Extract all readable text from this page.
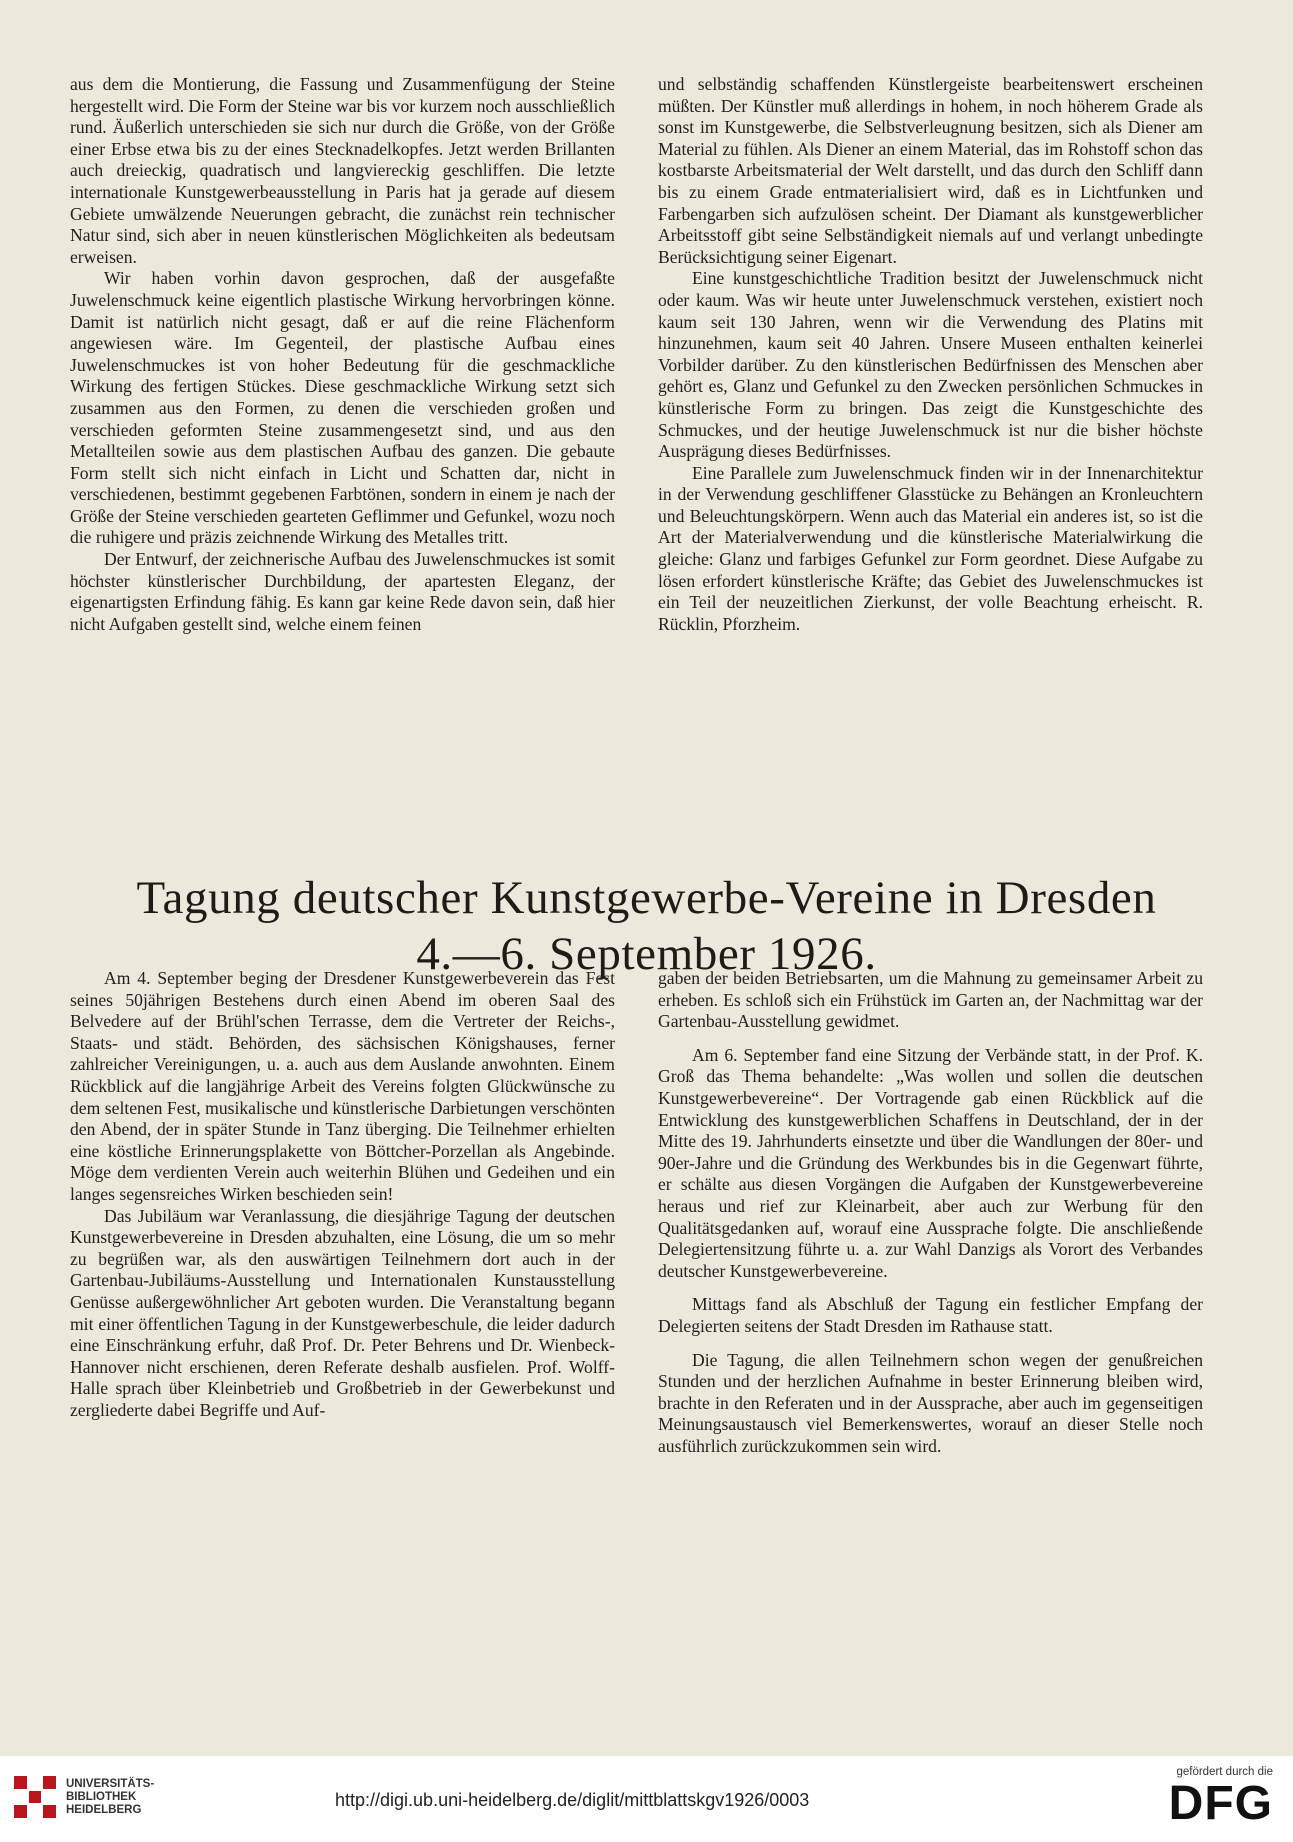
aus dem die Montierung, die Fassung und Zusammenfügung der Steine hergestellt wird. Die Form der Steine war bis vor kurzem noch ausschließlich rund. Äußerlich unterschieden sie sich nur durch die Größe, von der Größe einer Erbse etwa bis zu der eines Stecknadelkopfes. Jetzt werden Brillanten auch dreieckig, quadratisch und langviereckig geschliffen. Die letzte internationale Kunstgewerbeausstellung in Paris hat ja gerade auf diesem Gebiete umwälzende Neuerungen gebracht, die zunächst rein technischer Natur sind, sich aber in neuen künstlerischen Möglichkeiten als bedeutsam erweisen.

Wir haben vorhin davon gesprochen, daß der ausgefaßte Juwelenschmuck keine eigentlich plastische Wirkung hervorbringen könne. Damit ist natürlich nicht gesagt, daß er auf die reine Flächenform angewiesen wäre. Im Gegenteil, der plastische Aufbau eines Juwelenschmuckes ist von hoher Bedeutung für die geschmackliche Wirkung des fertigen Stückes. Diese geschmackliche Wirkung setzt sich zusammen aus den Formen, zu denen die verschieden großen und verschieden geformten Steine zusammengesetzt sind, und aus den Metallteilen sowie aus dem plastischen Aufbau des ganzen. Die gebaute Form stellt sich nicht einfach in Licht und Schatten dar, nicht in verschiedenen, bestimmt gegebenen Farbtönen, sondern in einem je nach der Größe der Steine verschieden gearteten Geflimmer und Gefunkel, wozu noch die ruhigere und präzis zeichnende Wirkung des Metalles tritt.

Der Entwurf, der zeichnerische Aufbau des Juwelenschmuckes ist somit höchster künstlerischer Durchbildung, der apartesten Eleganz, der eigenartigsten Erfindung fähig. Es kann gar keine Rede davon sein, daß hier nicht Aufgaben gestellt sind, welche einem feinen

und selbständig schaffenden Künstlergeiste bearbeitenswert erscheinen müßten. Der Künstler muß allerdings in hohem, in noch höherem Grade als sonst im Kunstgewerbe, die Selbstverleugnung besitzen, sich als Diener am Material zu fühlen. Als Diener an einem Material, das im Rohstoff schon das kostbarste Arbeitsmaterial der Welt darstellt, und das durch den Schliff dann bis zu einem Grade entmaterialisiert wird, daß es in Lichtfunken und Farbengarben sich aufzulösen scheint. Der Diamant als kunstgewerblicher Arbeitsstoff gibt seine Selbständigkeit niemals auf und verlangt unbedingte Berücksichtigung seiner Eigenart.

Eine kunstgeschichtliche Tradition besitzt der Juwelenschmuck nicht oder kaum. Was wir heute unter Juwelenschmuck verstehen, existiert noch kaum seit 130 Jahren, wenn wir die Verwendung des Platins mit hinzunehmen, kaum seit 40 Jahren. Unsere Museen enthalten keinerlei Vorbilder darüber. Zu den künstlerischen Bedürfnissen des Menschen aber gehört es, Glanz und Gefunkel zu den Zwecken persönlichen Schmuckes in künstlerische Form zu bringen. Das zeigt die Kunstgeschichte des Schmuckes, und der heutige Juwelenschmuck ist nur die bisher höchste Ausprägung dieses Bedürfnisses.

Eine Parallele zum Juwelenschmuck finden wir in der Innenarchitektur in der Verwendung geschliffener Glasstücke zu Behängen an Kronleuchtern und Beleuchtungskörpern. Wenn auch das Material ein anderes ist, so ist die Art der Materialverwendung und die künstlerische Materialwirkung die gleiche: Glanz und farbiges Gefunkel zur Form geordnet. Diese Aufgabe zu lösen erfordert künstlerische Kräfte; das Gebiet des Juwelenschmuckes ist ein Teil der neuzeitlichen Zierkunst, der volle Beachtung erheischt. R. Rücklin, Pforzheim.

Tagung deutscher Kunstgewerbe-Vereine in Dresden
4.—6. September 1926.

Am 4. September beging der Dresdener Kunstgewerbeverein das Fest seines 50jährigen Bestehens durch einen Abend im oberen Saal des Belvedere auf der Brühl'schen Terrasse, dem die Vertreter der Reichs-, Staats- und städt. Behörden, des sächsischen Königshauses, ferner zahlreicher Vereinigungen, u. a. auch aus dem Auslande anwohnten. Einem Rückblick auf die langjährige Arbeit des Vereins folgten Glückwünsche zu dem seltenen Fest, musikalische und künstlerische Darbietungen verschönten den Abend, der in später Stunde in Tanz überging. Die Teilnehmer erhielten eine köstliche Erinnerungsplakette von Böttcher-Porzellan als Angebinde. Möge dem verdienten Verein auch weiterhin Blühen und Gedeihen und ein langes segensreiches Wirken beschieden sein!

Das Jubiläum war Veranlassung, die diesjährige Tagung der deutschen Kunstgewerbevereine in Dresden abzuhalten, eine Lösung, die um so mehr zu begrüßen war, als den auswärtigen Teilnehmern dort auch in der Gartenbau-Jubiläums-Ausstellung und Internationalen Kunstausstellung Genüsse außergewöhnlicher Art geboten wurden. Die Veranstaltung begann mit einer öffentlichen Tagung in der Kunstgewerbeschule, die leider dadurch eine Einschränkung erfuhr, daß Prof. Dr. Peter Behrens und Dr. Wienbeck-Hannover nicht erschienen, deren Referate deshalb ausfielen. Prof. Wolff-Halle sprach über Kleinbetrieb und Großbetrieb in der Gewerbekunst und zergliederte dabei Begriffe und Auf-

gaben der beiden Betriebsarten, um die Mahnung zu gemeinsamer Arbeit zu erheben. Es schloß sich ein Frühstück im Garten an, der Nachmittag war der Gartenbau-Ausstellung gewidmet.

Am 6. September fand eine Sitzung der Verbände statt, in der Prof. K. Groß das Thema behandelte: „Was wollen und sollen die deutschen Kunstgewerbevereine“. Der Vortragende gab einen Rückblick auf die Entwicklung des kunstgewerblichen Schaffens in Deutschland, der in der Mitte des 19. Jahrhunderts einsetzte und über die Wandlungen der 80er- und 90er-Jahre und die Gründung des Werkbundes bis in die Gegenwart führte, er schälte aus diesen Vorgängen die Aufgaben der Kunstgewerbevereine heraus und rief zur Kleinarbeit, aber auch zur Werbung für den Qualitätsgedanken auf, worauf eine Aussprache folgte. Die anschließende Delegiertensitzung führte u. a. zur Wahl Danzigs als Vorort des Verbandes deutscher Kunstgewerbevereine.

Mittags fand als Abschluß der Tagung ein festlicher Empfang der Delegierten seitens der Stadt Dresden im Rathause statt.

Die Tagung, die allen Teilnehmern schon wegen der genußreichen Stunden und der herzlichen Aufnahme in bester Erinnerung bleiben wird, brachte in den Referaten und in der Aussprache, aber auch im gegenseitigen Meinungsaustausch viel Bemerkenswertes, worauf an dieser Stelle noch ausführlich zurückzukommen sein wird.

UNIVERSITÄTS-
BIBLIOTHEK
HEIDELBERG	http://digi.ub.uni-heidelberg.de/diglit/mittblattskgv1926/0003
gefördert durch die
DFG
